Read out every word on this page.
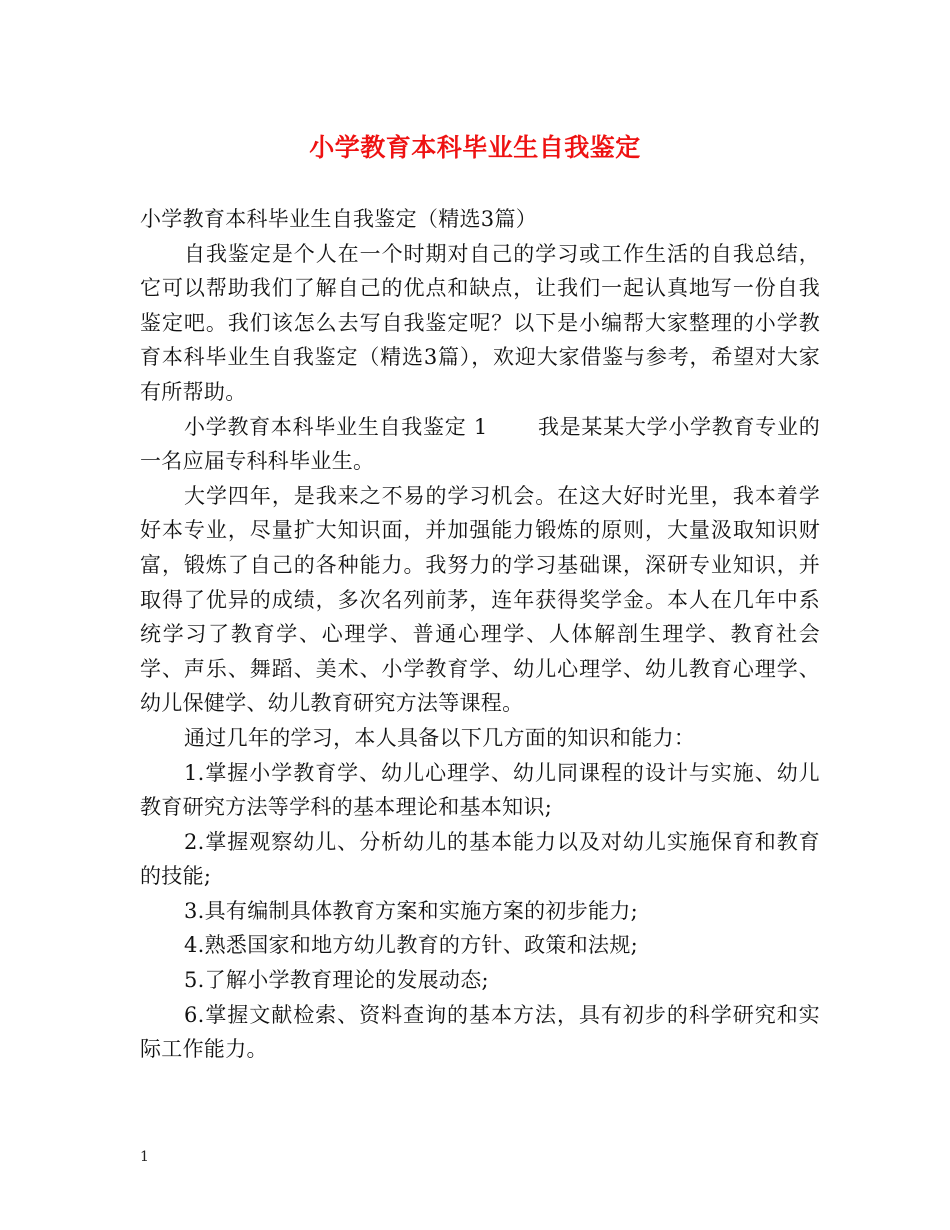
小学教育本科毕业生自我鉴定

小学教育本科毕业生自我鉴定（精选3篇）

自我鉴定是个人在一个时期对自己的学习或工作生活的自我总结，它可以帮助我们了解自己的优点和缺点，让我们一起认真地写一份自我鉴定吧。我们该怎么去写自我鉴定呢？以下是小编帮大家整理的小学教育本科毕业生自我鉴定（精选3篇），欢迎大家借鉴与参考，希望对大家有所帮助。

小学教育本科毕业生自我鉴定 1 我是某某大学小学教育专业的一名应届专科科毕业生。

大学四年，是我来之不易的学习机会。在这大好时光里，我本着学好本专业，尽量扩大知识面，并加强能力锻炼的原则，大量汲取知识财富，锻炼了自己的各种能力。我努力的学习基础课，深研专业知识，并取得了优异的成绩，多次名列前茅，连年获得奖学金。本人在几年中系统学习了教育学、心理学、普通心理学、人体解剖生理学、教育社会学、声乐、舞蹈、美术、小学教育学、幼儿心理学、幼儿教育心理学、幼儿保健学、幼儿教育研究方法等课程。

通过几年的学习，本人具备以下几方面的知识和能力：

1.掌握小学教育学、幼儿心理学、幼儿同课程的设计与实施、幼儿教育研究方法等学科的基本理论和基本知识;

2.掌握观察幼儿、分析幼儿的基本能力以及对幼儿实施保育和教育的技能;

3.具有编制具体教育方案和实施方案的初步能力;

4.熟悉国家和地方幼儿教育的方针、政策和法规;

5.了解小学教育理论的发展动态;

6.掌握文献检索、资料查询的基本方法，具有初步的科学研究和实际工作能力。

1
